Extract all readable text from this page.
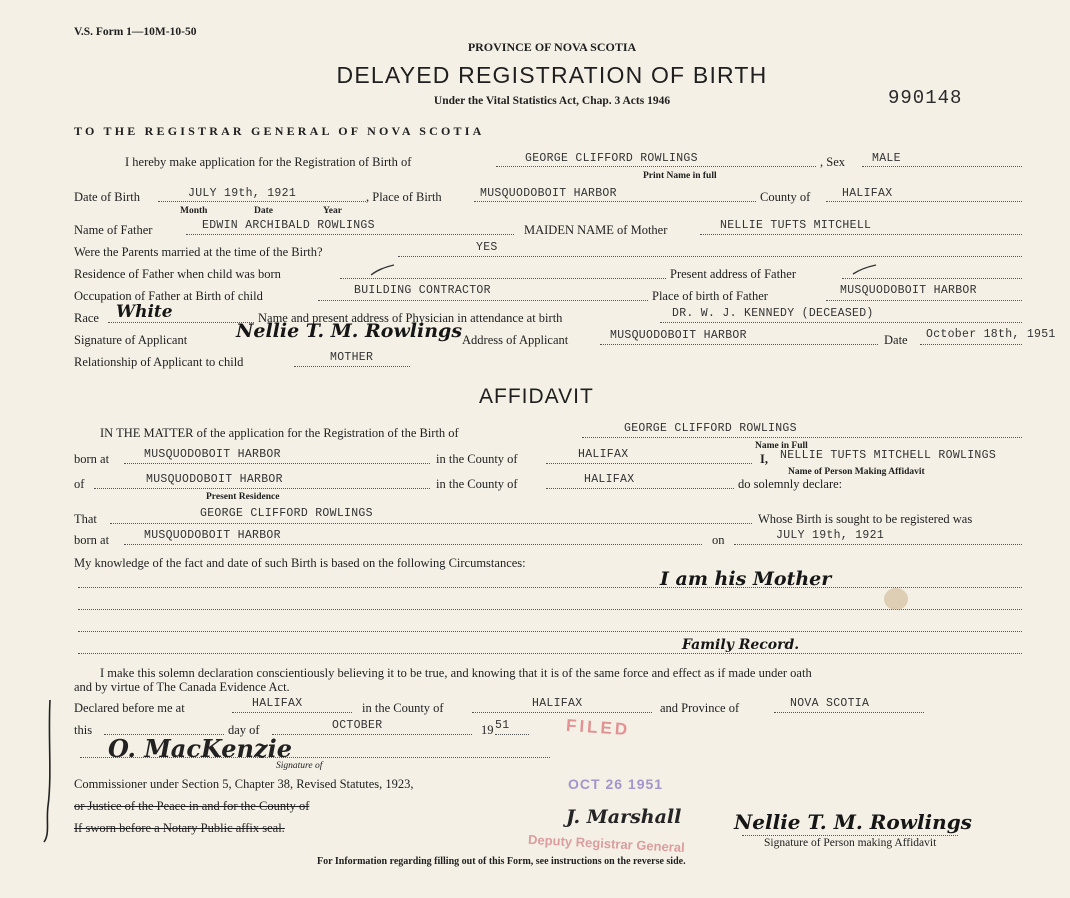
V.S. Form 1—10M-10-50
PROVINCE OF NOVA SCOTIA
DELAYED REGISTRATION OF BIRTH
Under the Vital Statistics Act, Chap. 3 Acts 1946	990148
TO THE REGISTRAR GENERAL OF NOVA SCOTIA
I hereby make application for the Registration of Birth of	GEORGE CLIFFORD ROWLINGS	, Sex MALE
Print Name in full
Date of Birth	JULY 19th, 1921	, Place of Birth	MUSQUODOBOIT HARBOR	County of	HALIFAX
Month	Date	Year
Name of Father	EDWIN ARCHIBALD ROWLINGS	MAIDEN NAME of Mother	NELLIE TUFTS MITCHELL
Were the Parents married at the time of the Birth?	YES
Residence of Father when child was born	Present address of Father
Occupation of Father at Birth of child	BUILDING CONTRACTOR	Place of birth of Father	MUSQUODOBOIT HARBOR
Race White	Name and present address of Physician in attendance at birth	DR. W. J. KENNEDY (DECEASED)
Signature of Applicant	Nellie T. M. Rowlings Address of Applicant	MUSQUODOBOIT HARBOR	Date October 18th, 1951
Relationship of Applicant to child	MOTHER
AFFIDAVIT
IN THE MATTER of the application for the Registration of the Birth of	GEORGE CLIFFORD ROWLINGS
Name in Full
born at	MUSQUODOBOIT HARBOR	in the County of	HALIFAX	I, NELLIE TUFTS MITCHELL ROWLINGS
Name of Person Making Affidavit
of	MUSQUODOBOIT HARBOR
Present Residence
in the County of	HALIFAX	do solemnly declare:
That	GEORGE CLIFFORD ROWLINGS	Whose Birth is sought to be registered was
born at	MUSQUODOBOIT HARBOR	on	JULY 19th, 1921
My knowledge of the fact and date of such Birth is based on the following Circumstances:
I am his Mother
Family Record.
I make this solemn declaration conscientiously believing it to be true, and knowing that it is of the same force and effect as if made under oath
and by virtue of The Canada Evidence Act.
Declared before me at	HALIFAX	in the County of	HALIFAX	and Province of	NOVA SCOTIA
this	day of	OCTOBER	19 51	FILED
O. MacKenzie
Signature of
Commissioner under Section 5, Chapter 38, Revised Statutes, 1923,
or Justice of the Peace in and for the County of
If sworn before a Notary Public affix seal.
OCT 26 1951
J. Marshall
Deputy Registrar General
Nellie T. M. Rowlings
Signature of Person making Affidavit
For Information regarding filling out of this Form, see instructions on the reverse side.
